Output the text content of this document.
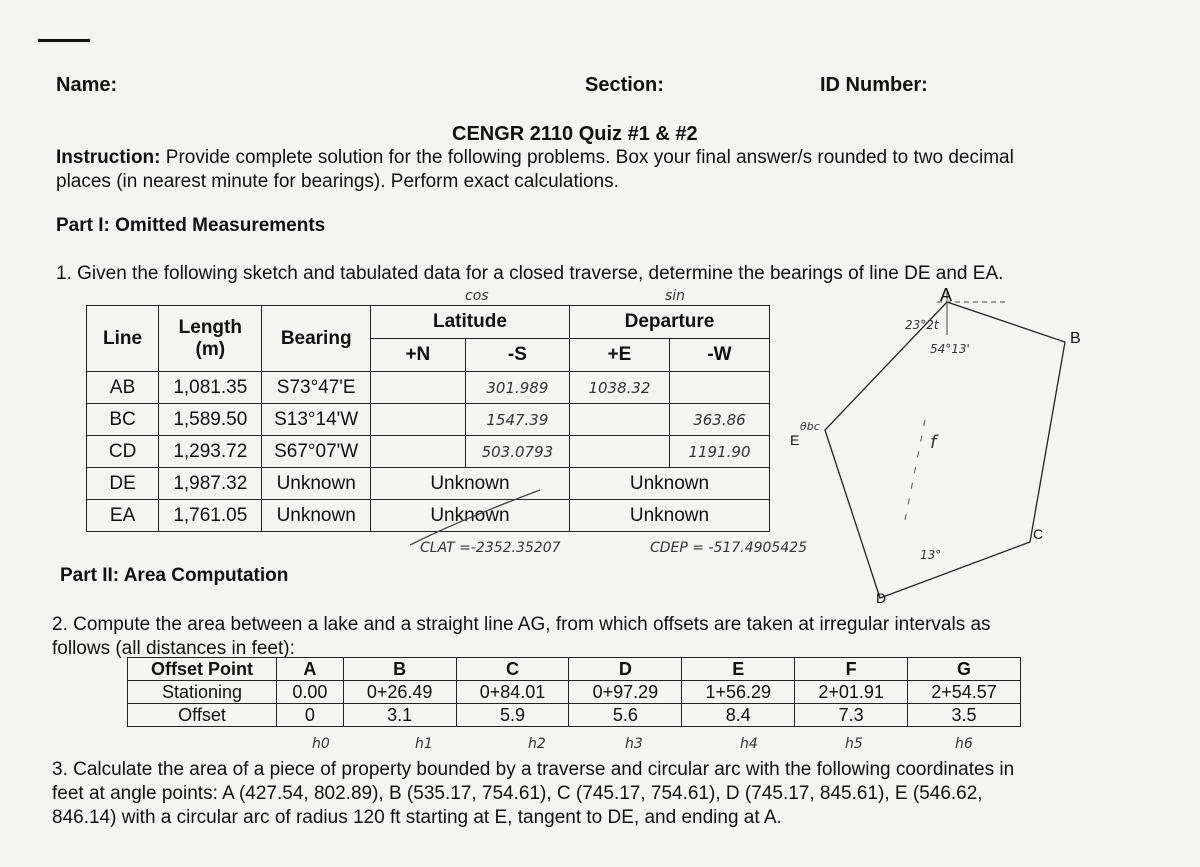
Name:	Section:	ID Number:
CENGR 2110 Quiz #1 & #2
Instruction: Provide complete solution for the following problems. Box your final answer/s rounded to two decimal
places (in nearest minute for bearings). Perform exact calculations.
Part I: Omitted Measurements
1. Given the following sketch and tabulated data for a closed traverse, determine the bearings of line DE and EA.
cos	sin
Line	Length
(m)	Bearing	Latitude		Departure	
			+N	-S	+E	-W
AB	1,081.35	S73°47'E		301.989	1038.32	
BC	1,589.50	S13°14'W		1547.39		363.86
CD	1,293.72	S67°07'W		503.0793		1191.90
DE	1,987.32	Unknown	Unknown		Unknown	
EA	1,761.05	Unknown	Unknown		Unknown	
CLAT =-2352.35207	CDEP = -517.4905425
A
B
C
D
E
23°2t
54°13'
13°
f
θbc
Part II: Area Computation
2. Compute the area between a lake and a straight line AG, from which offsets are taken at irregular intervals as
follows (all distances in feet):
Offset Point	A	B	C	D	E	F	G
Stationing	0.00	0+26.49	0+84.01	0+97.29	1+56.29	2+01.91	2+54.57
Offset	0	3.1	5.9	5.6	8.4	7.3	3.5
h0	h1	h2	h3	h4	h5	h6
3. Calculate the area of a piece of property bounded by a traverse and circular arc with the following coordinates in
feet at angle points: A (427.54, 802.89), B (535.17, 754.61), C (745.17, 754.61), D (745.17, 845.61), E (546.62,
846.14) with a circular arc of radius 120 ft starting at E, tangent to DE, and ending at A.
